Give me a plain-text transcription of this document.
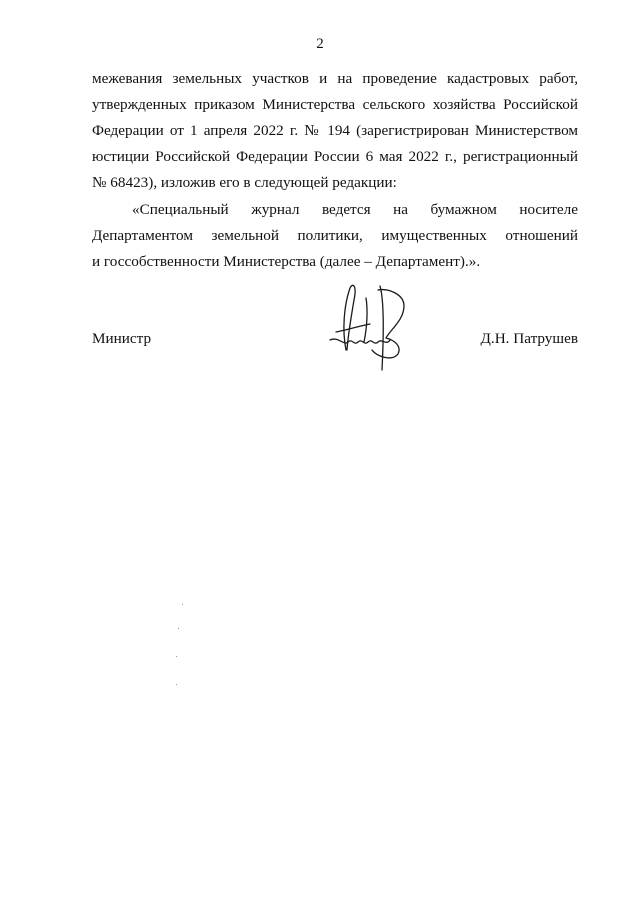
2
межевания земельных участков и на проведение кадастровых работ,
утвержденных приказом Министерства сельского хозяйства Российской
Федерации от 1 апреля 2022 г. № 194 (зарегистрирован Министерством
юстиции Российской Федерации России 6 мая 2022 г., регистрационный
№ 68423), изложив его в следующей редакции:
«Специальный журнал ведется на бумажном носителе
Департаментом земельной политики, имущественных отношений
и госсобственности Министерства (далее – Департамент).».
Министр	Д.Н. Патрушев
